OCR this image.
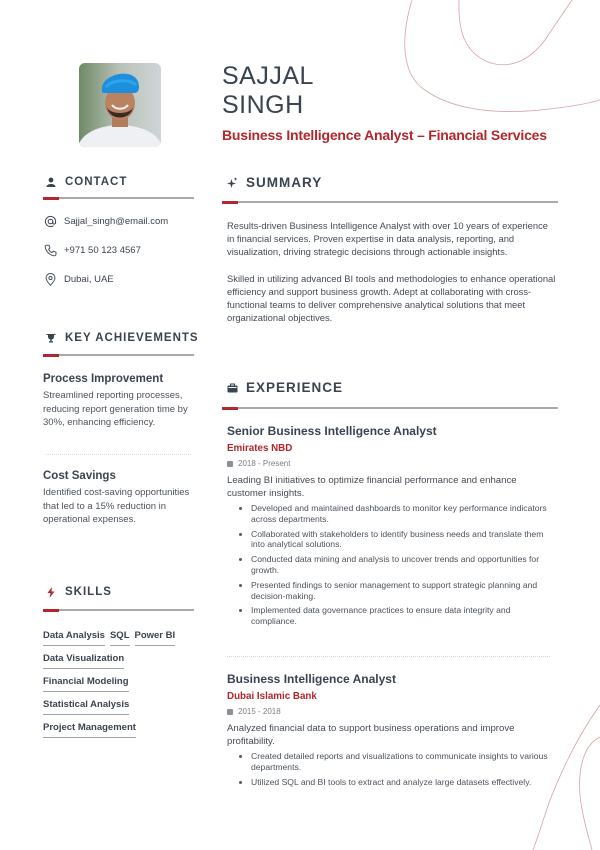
SAJJAL
SINGH
Business Intelligence Analyst – Financial Services
CONTACT
Sajjal_singh@email.com
+971 50 123 4567
Dubai, UAE
KEY ACHIEVEMENTS
Process Improvement
Streamlined reporting processes, reducing report generation time by 30%, enhancing efficiency.
Cost Savings
Identified cost-saving opportunities that led to a 15% reduction in operational expenses.
SKILLS
Data Analysis SQL Power BI
Data Visualization
Financial Modeling
Statistical Analysis
Project Management
SUMMARY

Results-driven Business Intelligence Analyst with over 10 years of experience in financial services. Proven expertise in data analysis, reporting, and visualization, driving strategic decisions through actionable insights.

Skilled in utilizing advanced BI tools and methodologies to enhance operational efficiency and support business growth. Adept at collaborating with cross-functional teams to deliver comprehensive analytical solutions that meet organizational objectives.

EXPERIENCE
Senior Business Intelligence Analyst
Emirates NBD
2018 - Present
Leading BI initiatives to optimize financial performance and enhance customer insights.
Developed and maintained dashboards to monitor key performance indicators across departments.
Collaborated with stakeholders to identify business needs and translate them into analytical solutions.
Conducted data mining and analysis to uncover trends and opportunities for growth.
Presented findings to senior management to support strategic planning and decision-making.
Implemented data governance practices to ensure data integrity and compliance.
Business Intelligence Analyst
Dubai Islamic Bank
2015 - 2018
Analyzed financial data to support business operations and improve profitability.
Created detailed reports and visualizations to communicate insights to various departments.
Utilized SQL and BI tools to extract and analyze large datasets effectively.
